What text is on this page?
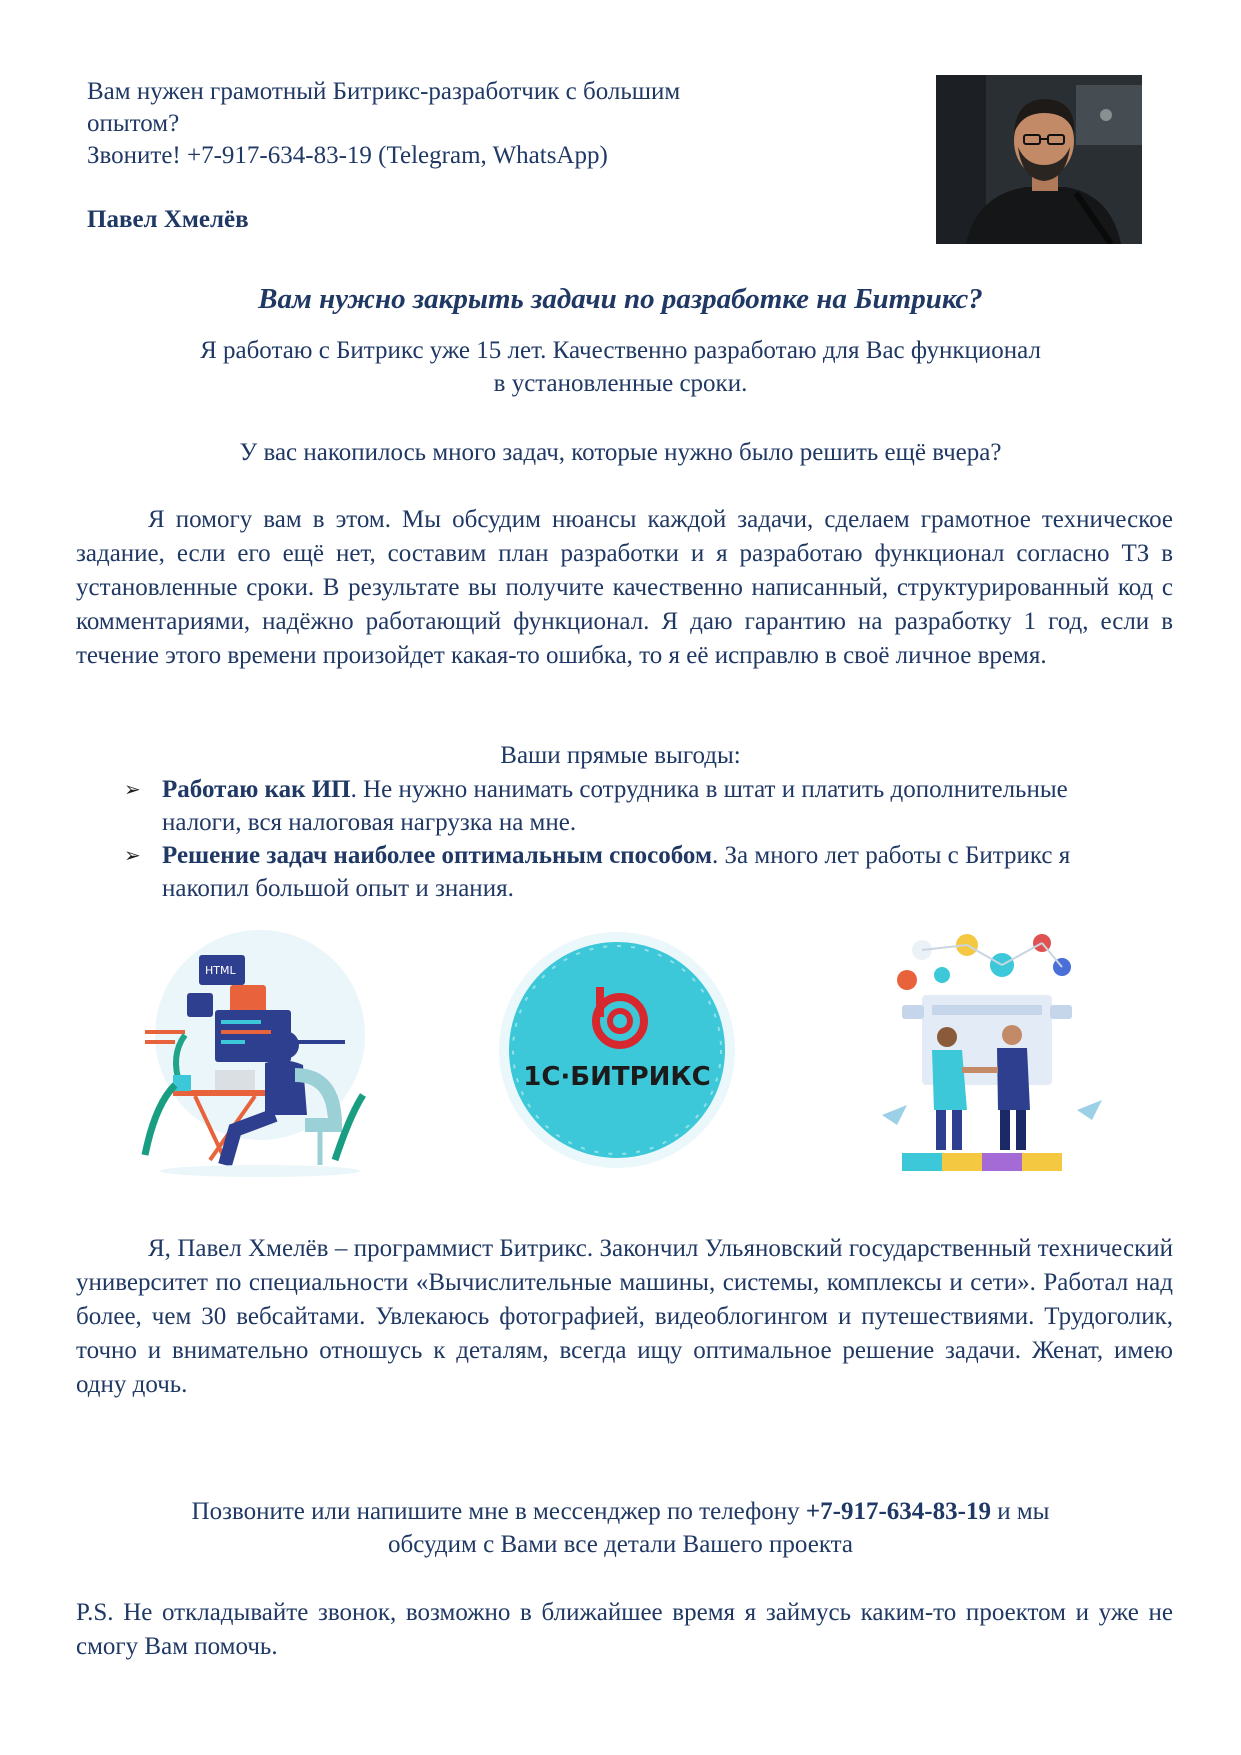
Вам нужен грамотный Битрикс-разработчик с большим
опытом?
Звоните! +7-917-634-83-19 (Telegram, WhatsApp)
Павел Хмелёв
Вам нужно закрыть задачи по разработке на Битрикс?
Я работаю с Битрикс уже 15 лет. Качественно разработаю для Вас функционал
в установленные сроки.
У вас накопилось много задач, которые нужно было решить ещё вчера?
Я помогу вам в этом. Мы обсудим нюансы каждой задачи, сделаем грамотное техническое задание, если его ещё нет, составим план разработки и я разработаю функционал согласно ТЗ в установленные сроки. В результате вы получите качественно написанный, структурированный код с комментариями, надёжно работающий функционал. Я даю гарантию на разработку 1 год, если в течение этого времени произойдет какая-то ошибка, то я её исправлю в своё личное время.
Ваши прямые выгоды:
➢ Работаю как ИП. Не нужно нанимать сотрудника в штат и платить дополнительные налоги, вся налоговая нагрузка на мне.
➢ Решение задач наиболее оптимальным способом. За много лет работы с Битрикс я накопил большой опыт и знания.
HTML
1С·БИТРИКС
Я, Павел Хмелёв – программист Битрикс. Закончил Ульяновский государственный технический университет по специальности «Вычислительные машины, системы, комплексы и сети». Работал над более, чем 30 вебсайтами. Увлекаюсь фотографией, видеоблогингом и путешествиями. Трудоголик, точно и внимательно отношусь к деталям, всегда ищу оптимальное решение задачи. Женат, имею одну дочь.
Позвоните или напишите мне в мессенджер по телефону +7-917-634-83-19 и мы
обсудим с Вами все детали Вашего проекта
P.S. Не откладывайте звонок, возможно в ближайшее время я займусь каким-то проектом и уже не смогу Вам помочь.
